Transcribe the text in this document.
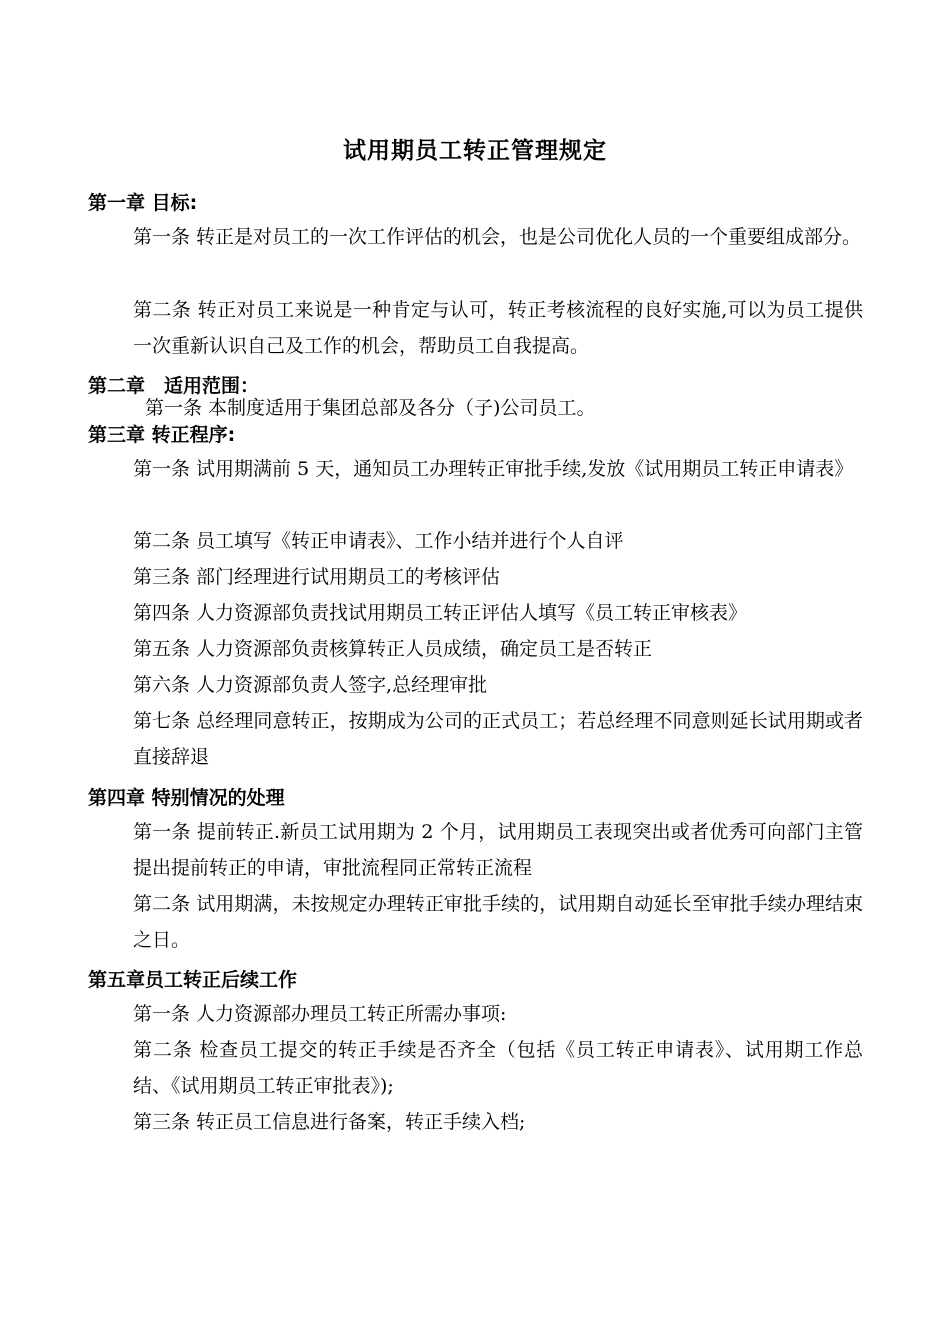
试用期员工转正管理规定
第一章 目标:
第一条 转正是对员工的一次工作评估的机会，也是公司优化人员的一个重要组成部分。
第二条 转正对员工来说是一种肯定与认可，转正考核流程的良好实施,可以为员工提供一次重新认识自己及工作的机会，帮助员工自我提高。
第二章　适用范围：
第一条 本制度适用于集团总部及各分（子)公司员工。
第三章 转正程序:
第一条 试用期满前 5 天，通知员工办理转正审批手续,发放《试用期员工转正申请表》
第二条 员工填写《转正申请表》、工作小结并进行个人自评
第三条 部门经理进行试用期员工的考核评估
第四条 人力资源部负责找试用期员工转正评估人填写《员工转正审核表》
第五条 人力资源部负责核算转正人员成绩，确定员工是否转正
第六条 人力资源部负责人签字,总经理审批
第七条 总经理同意转正，按期成为公司的正式员工；若总经理不同意则延长试用期或者直接辞退
第四章 特别情况的处理
第一条 提前转正.新员工试用期为 2 个月，试用期员工表现突出或者优秀可向部门主管提出提前转正的申请，审批流程同正常转正流程
第二条 试用期满，未按规定办理转正审批手续的，试用期自动延长至审批手续办理结束之日。
第五章员工转正后续工作
第一条 人力资源部办理员工转正所需办事项:
第二条 检查员工提交的转正手续是否齐全（包括《员工转正申请表》、试用期工作总结、《试用期员工转正审批表》);
第三条 转正员工信息进行备案，转正手续入档;
